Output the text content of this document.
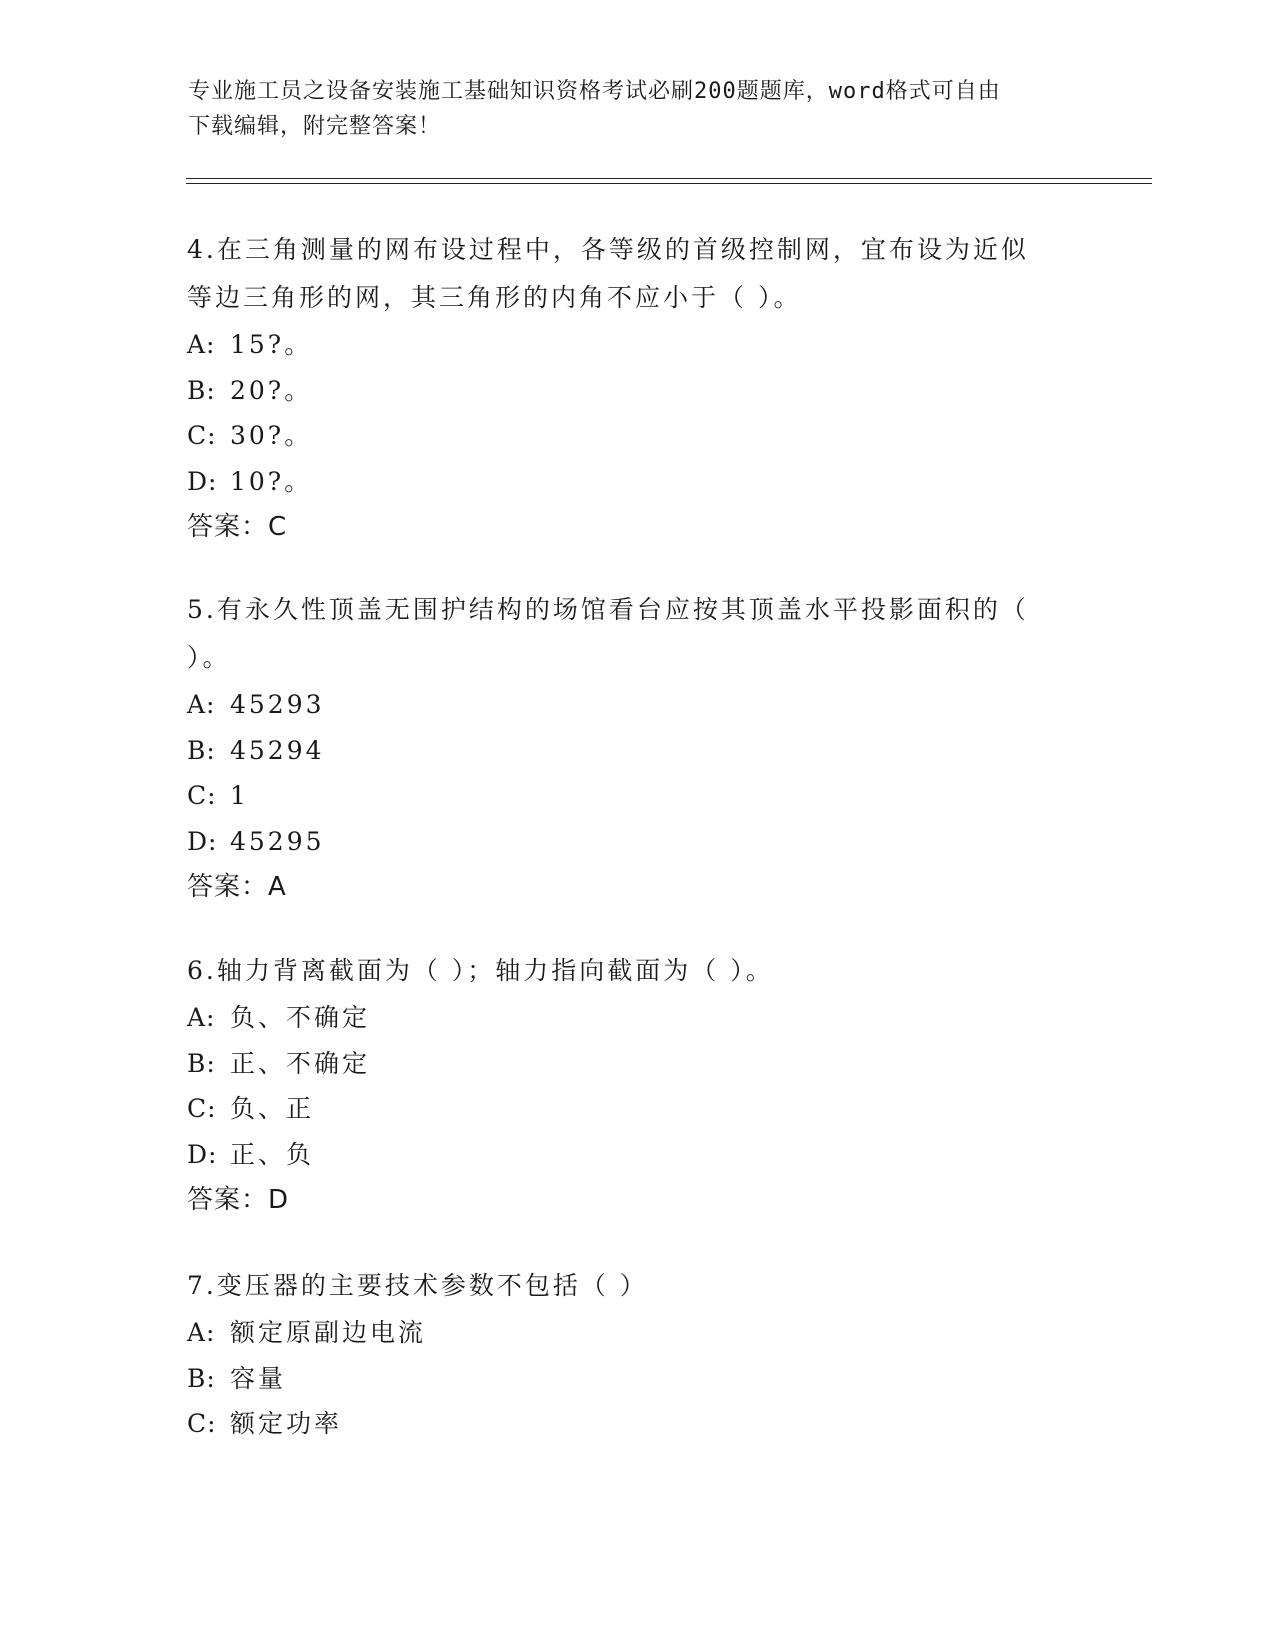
专业施工员之设备安装施工基础知识资格考试必刷200题题库，word格式可自由
下载编辑，附完整答案！

4.在三角测量的网布设过程中，各等级的首级控制网，宜布设为近似
等边三角形的网，其三角形的内角不应小于（ ）。

A: 15?。
B: 20?。
C: 30?。
D: 10?。
答案：C

5.有永久性顶盖无围护结构的场馆看台应按其顶盖水平投影面积的（
）。

A: 45293
B: 45294
C: 1
D: 45295
答案：A

6.轴力背离截面为（ ）；轴力指向截面为（ ）。

A: 负、不确定
B: 正、不确定
C: 负、正
D: 正、负
答案：D

7.变压器的主要技术参数不包括（ ）

A: 额定原副边电流
B: 容量
C: 额定功率
